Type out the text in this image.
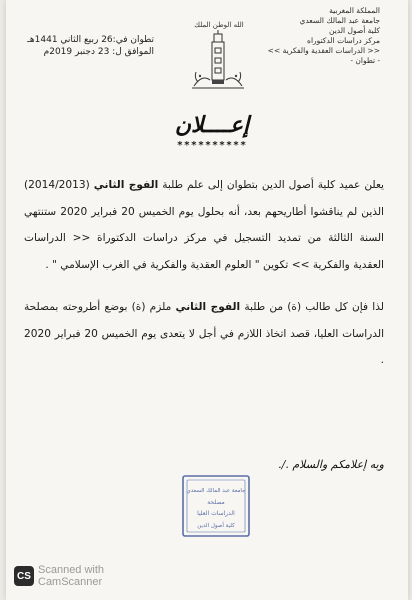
المملكة المغربية
جامعة عبد المالك السعدي
كلية أصول الدين
مركز دراسات الدكتوراه
<< الدراسات العقدية والفكرية >>
- تطوان -
الله الوطن الملك
تطوان في:26 ربيع الثاني 1441هـ
الموافق ل: 23 دجنبر 2019م
إعــــلان
**********

يعلن عميد كلية أصول الدين بتطوان إلى علم طلبة الفوج الثاني (2014/2013) الذين لم يناقشوا أطاريحهم بعد، أنه بحلول يوم الخميس 20 فبراير 2020 ستنتهي السنة الثالثة من تمديد التسجيل في مركز دراسات الدكتوراة << الدراسات العقدية والفكرية >> تكوين " العلوم العقدية والفكرية في الغرب الإسلامي " .

لذا فإن كل طالب (ة) من طلبة الفوج الثاني ملزم (ة) بوضع أطروحته بمصلحة الدراسات العليا، قصد اتخاذ اللازم في أجل لا يتعدى يوم الخميس 20 فبراير 2020 .

وبه إعلامكم والسلام ./.
جامعة عبد المالك السعدي
مصلحة
الدراسات العليا
كلية أصول الدين
CS Scanned with
CamScanner
